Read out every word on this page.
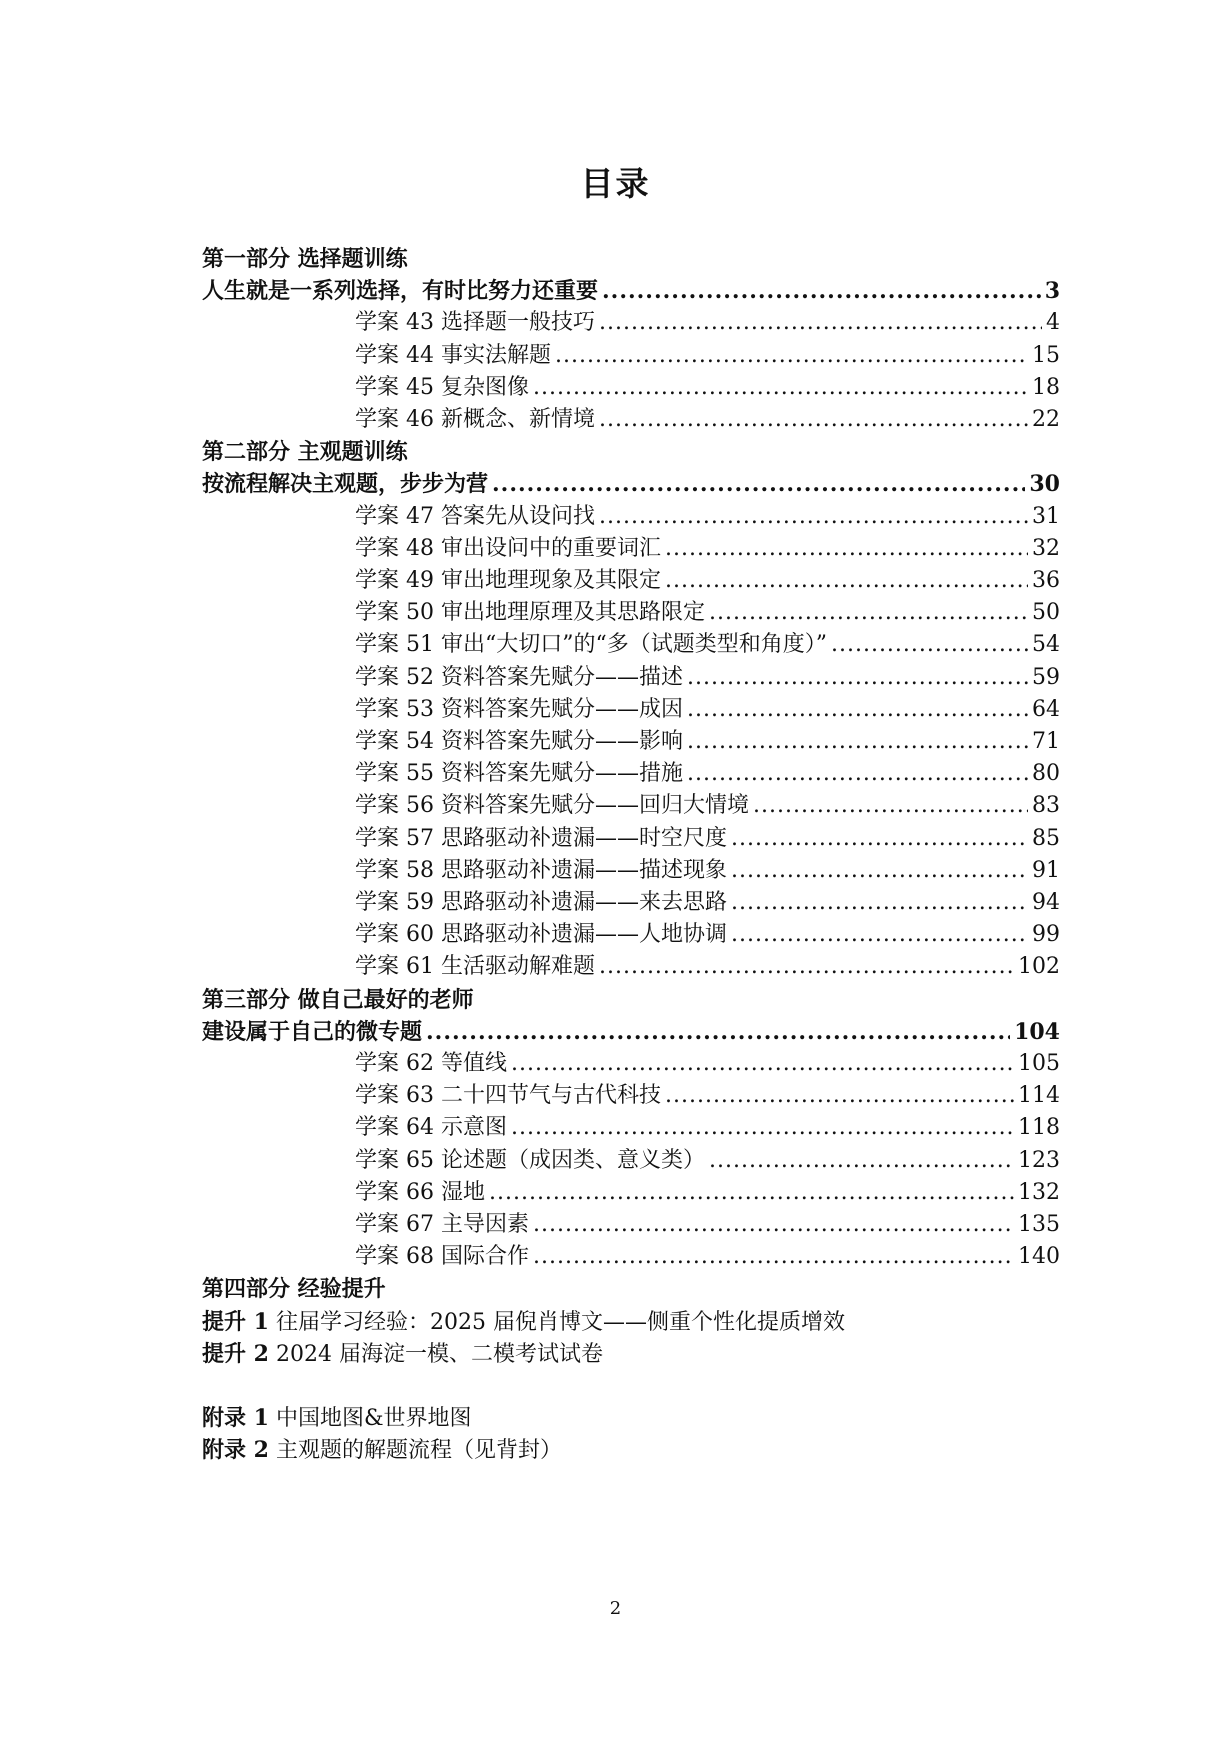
目录
第一部分 选择题训练
人生就是一系列选择，有时比努力还重要 .....	3
学案 43 选择题一般技巧 .....	4
学案 44 事实法解题 .....	15
学案 45 复杂图像 .....	18
学案 46 新概念、新情境 .....	22
第二部分 主观题训练
按流程解决主观题，步步为营 .....	30
学案 47 答案先从设问找 .....	31
学案 48 审出设问中的重要词汇 .....	32
学案 49 审出地理现象及其限定 .....	36
学案 50 审出地理原理及其思路限定 .....	50
学案 51 审出“大切口”的“多（试题类型和角度）” .....	54
学案 52 资料答案先赋分——描述 .....	59
学案 53 资料答案先赋分——成因 .....	64
学案 54 资料答案先赋分——影响 .....	71
学案 55 资料答案先赋分——措施 .....	80
学案 56 资料答案先赋分——回归大情境 .....	83
学案 57 思路驱动补遗漏——时空尺度 .....	85
学案 58 思路驱动补遗漏——描述现象 .....	91
学案 59 思路驱动补遗漏——来去思路 .....	94
学案 60 思路驱动补遗漏——人地协调 .....	99
学案 61 生活驱动解难题 .....	102
第三部分 做自己最好的老师
建设属于自己的微专题 .....	104
学案 62 等值线 .....	105
学案 63 二十四节气与古代科技 .....	114
学案 64 示意图 .....	118
学案 65 论述题（成因类、意义类） .....	123
学案 66 湿地 .....	132
学案 67 主导因素 .....	135
学案 68 国际合作 .....	140
第四部分 经验提升
提升 1 往届学习经验：2025 届倪肖博文——侧重个性化提质增效
提升 2 2024 届海淀一模、二模考试试卷
附录 1 中国地图&世界地图
附录 2 主观题的解题流程（见背封）
2
